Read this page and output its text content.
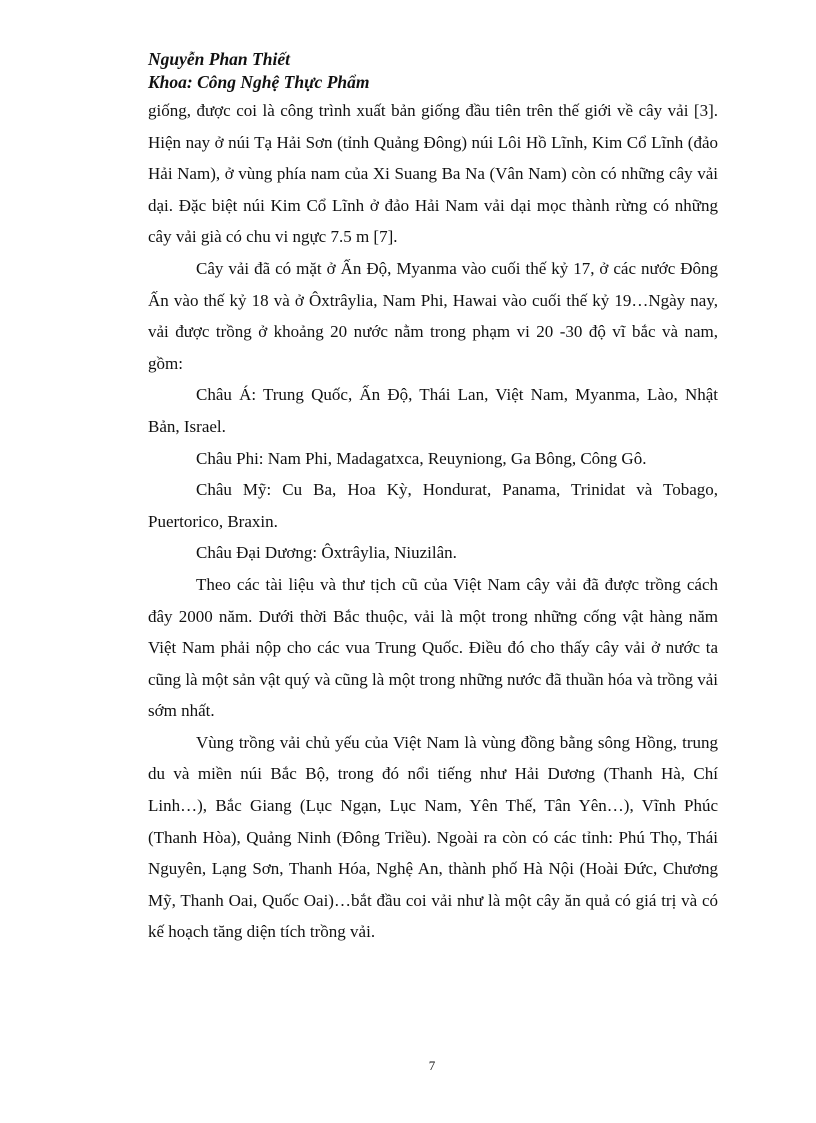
Nguyễn Phan Thiết
Khoa: Công Nghệ Thực Phẩm

giống, được coi là công trình xuất bản giống đầu tiên trên thế giới về cây vải [3]. Hiện nay ở núi Tạ Hải Sơn (tỉnh Quảng Đông) núi Lôi Hồ Lĩnh, Kim Cổ Lĩnh (đảo Hải Nam), ở vùng phía nam của Xi Suang Ba Na (Vân Nam) còn có những cây vải dại. Đặc biệt núi Kim Cổ Lĩnh ở đảo Hải Nam vải dại mọc thành rừng có những cây vải già có chu vi ngực 7.5 m [7].

Cây vải đã có mặt ở Ấn Độ, Myanma vào cuối thế kỷ 17, ở các nước Đông Ấn vào thế kỷ 18 và ở Ôxtrâylia, Nam Phi, Hawai vào cuối thế kỷ 19…Ngày nay, vải được trồng ở khoảng 20 nước nằm trong phạm vi 20 -30 độ vĩ bắc và nam, gồm:

Châu Á: Trung Quốc, Ấn Độ, Thái Lan, Việt Nam, Myanma, Lào, Nhật Bản, Israel.

Châu Phi: Nam Phi, Madagatxca, Reuyniong, Ga Bông, Công Gô.

Châu Mỹ: Cu Ba, Hoa Kỳ, Hondurat, Panama, Trinidat và Tobago, Puertorico, Braxin.

Châu Đại Dương: Ôxtrâylia, Niuzilân.

Theo các tài liệu và thư tịch cũ của Việt Nam cây vải đã được trồng cách đây 2000 năm. Dưới thời Bắc thuộc, vải là một trong những cống vật hàng năm Việt Nam phải nộp cho các vua Trung Quốc. Điều đó cho thấy cây vải ở nước ta cũng là một sản vật quý và cũng là một trong những nước đã thuần hóa và trồng vải sớm nhất.

Vùng trồng vải chủ yếu của Việt Nam là vùng đồng bằng sông Hồng, trung du và miền núi Bắc Bộ, trong đó nổi tiếng như Hải Dương (Thanh Hà, Chí Linh…), Bắc Giang (Lục Ngạn, Lục Nam, Yên Thế, Tân Yên…), Vĩnh Phúc (Thanh Hòa), Quảng Ninh (Đông Triều). Ngoài ra còn có các tỉnh: Phú Thọ, Thái Nguyên, Lạng Sơn, Thanh Hóa, Nghệ An, thành phố Hà Nội (Hoài Đức, Chương Mỹ, Thanh Oai, Quốc Oai)…bắt đầu coi vải như là một cây ăn quả có giá trị và có kế hoạch tăng diện tích trồng vải.

7
